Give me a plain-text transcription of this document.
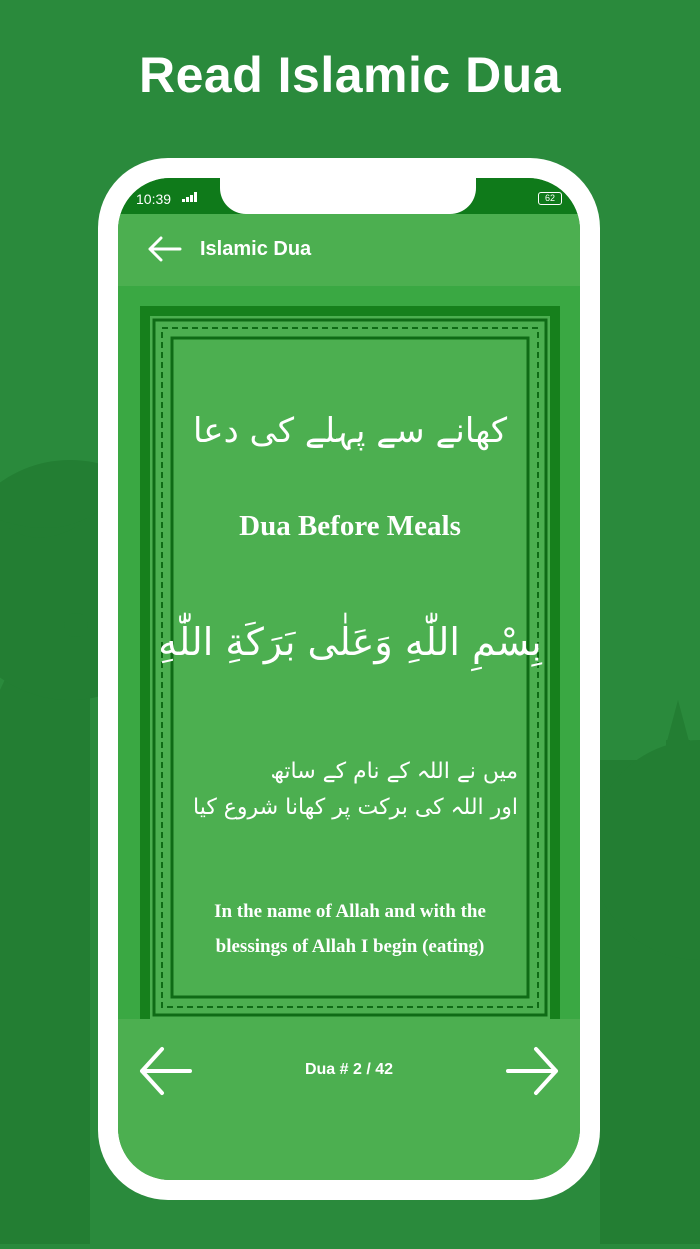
Read Islamic Dua
10:39	62
Islamic Dua
کھانے سے پہلے کی دعا
Dua Before Meals
بِسْمِ اللّٰهِ وَعَلٰى بَرَكَةِ اللّٰهِ
میں نے اللہ کے نام کے ساتھ
اور اللہ کی برکت پر کھانا شروع کیا
In the name of Allah and with the
blessings of Allah I begin (eating)
Dua # 2 / 42
